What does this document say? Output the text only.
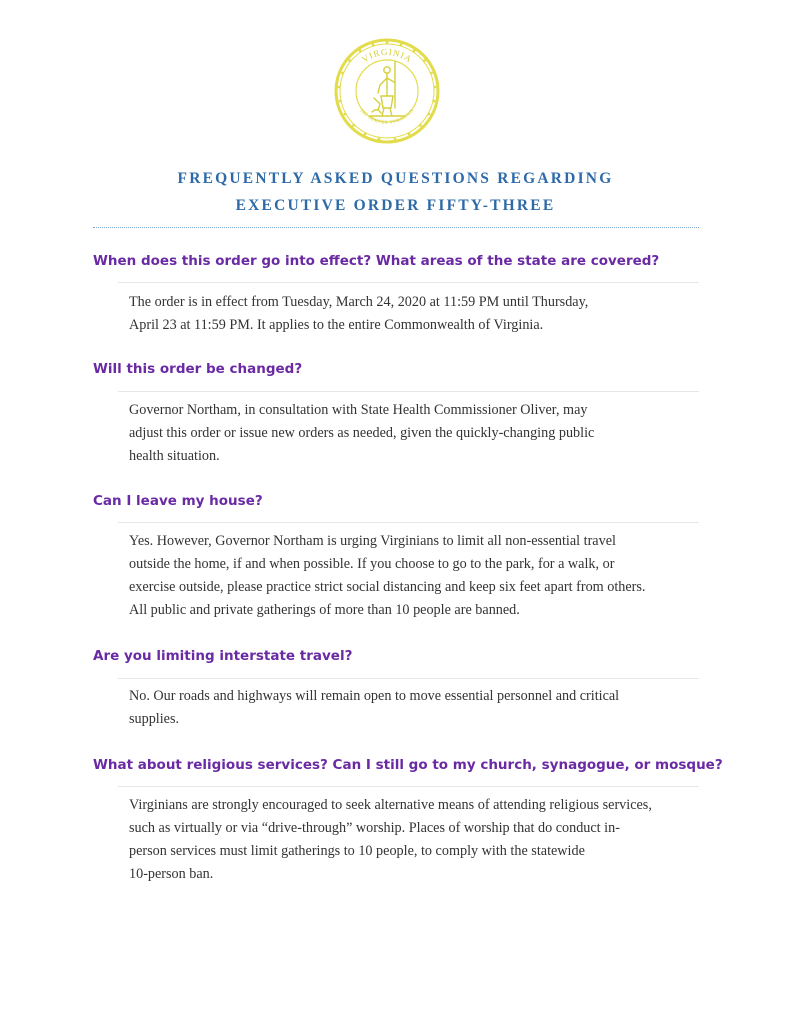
VIRGINIA
SIC SEMPER TYRANNIS
FREQUENTLY ASKED QUESTIONS REGARDING
EXECUTIVE ORDER FIFTY-THREE
When does this order go into effect? What areas of the state are covered?
The order is in effect from Tuesday, March 24, 2020 at 11:59 PM until Thursday,
April 23 at 11:59 PM. It applies to the entire Commonwealth of Virginia.
Will this order be changed?
Governor Northam, in consultation with State Health Commissioner Oliver, may
adjust this order or issue new orders as needed, given the quickly-changing public
health situation.
Can I leave my house?
Yes. However, Governor Northam is urging Virginians to limit all non-essential travel
outside the home, if and when possible. If you choose to go to the park, for a walk, or
exercise outside, please practice strict social distancing and keep six feet apart from others.
All public and private gatherings of more than 10 people are banned.
Are you limiting interstate travel?
No. Our roads and highways will remain open to move essential personnel and critical
supplies.
What about religious services? Can I still go to my church, synagogue, or mosque?
Virginians are strongly encouraged to seek alternative means of attending religious services,
such as virtually or via “drive-through” worship. Places of worship that do conduct in-
person services must limit gatherings to 10 people, to comply with the statewide
10-person ban.
